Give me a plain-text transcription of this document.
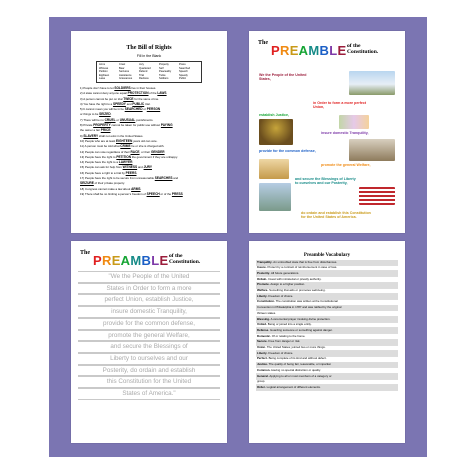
The Bill of Rights
Fill in the Blank
Arms	Cruel	Jury	Property	Press
Witness	Bear	Quartered	Self	Searched
Petition	Seizures	Defend	Peaceably	Speech
Eighteen	Assistance	Trial	Twice	Speedy
Laws	Grievances	Redress	Soldiers	Public
1) People don't have to let SOLDIERS live in their houses.
2) A state cannot deny anyone equal PROTECTION of the LAWS
3) A person cannot be put on trial TWICE for the same crime.
4) You have the right to a SPEEDY and PUBLIC trial.
5) It cannot mean you will be in be SEARCHED or PERSON
or things to be SEIZED.
7) There will be no CRUEL or UNUSUAL punishments.
8) Private PROPERTY cannot be taken for public use without PAYING
the owner a fair PRICE.
9) SLAVERY shall not exist in the United States.
10) People who are at least EIGHTEEN years old can vote.
11) A person must be told what CRIME he or she is charged with.
12) People can vote regardless of their RACE, or their GENDER
13) People have the right to PETITION the government if they are unhappy.
14) People have the right to a LAWYER.
15) People can ask for help from WITNESS and JURY
16) People have a right to a trial by PEERS.
17) People have the right to be secure from unreasonable SEARCHES and
SEIZURE of their private property.
18) Congress cannot make a law about ARMS.
19) There shall be no limiting a person's freedom of SPEECH or of the PRESS
The PREAMBLE of the
Constitution.
We the People of the United
States,
in Order to form a more perfect
Union,
establish Justice,
insure domestic Tranquility,
provide for the common defense,
promote the general Welfare,
and secure the Blessings of Liberty
to ourselves and our Posterity,
do ordain and establish this Constitution
for the United States of America.
The PREAMBLE of the
Constitution.
"We the People of the United
States in Order to form a more
perfect Union, establish Justice,
insure domestic Tranquility,
provide for the common defense,
promote the general Welfare,
and secure the Blessings of
Liberty to ourselves and our
Posterity, do ordain and establish
this Constitution for the United
States of America."
Preamble Vocabulary
Tranquility- An untroubled state that is free from disturbances.
Insure- Protect by a contract of reimbursement in case of loss.
Posterity- All future generations.
Ordain- Invest with ministerial or priestly authority.
Promote- Assign to a higher position.
Welfare- Something that aids or promotes well-being.
Liberty- Freedom of choice.
Constitution- The constitution was written at the Constitutional
Convention in Philadelphia in 1787 and was ratified by the original
thirteen states.
Blessing- A ceremonial prayer invoking divine protection.
United- Being or joined into a single entity.
Defense- Guarding someone or something against danger.
Domestic- Of or relating to the home.
Secure- Free from danger or risk.
Union- The United States; jointed two or more things.
Liberty- Freedom of choice.
Perfect- Being complete of its kind and without defect.
Justice- The quality of being fair, reasonable, or impartial.
Common- Having no special distinction or quality.
General- Applying to all or most members of a category or
group.
Order- Logical arrangement of different elements.
